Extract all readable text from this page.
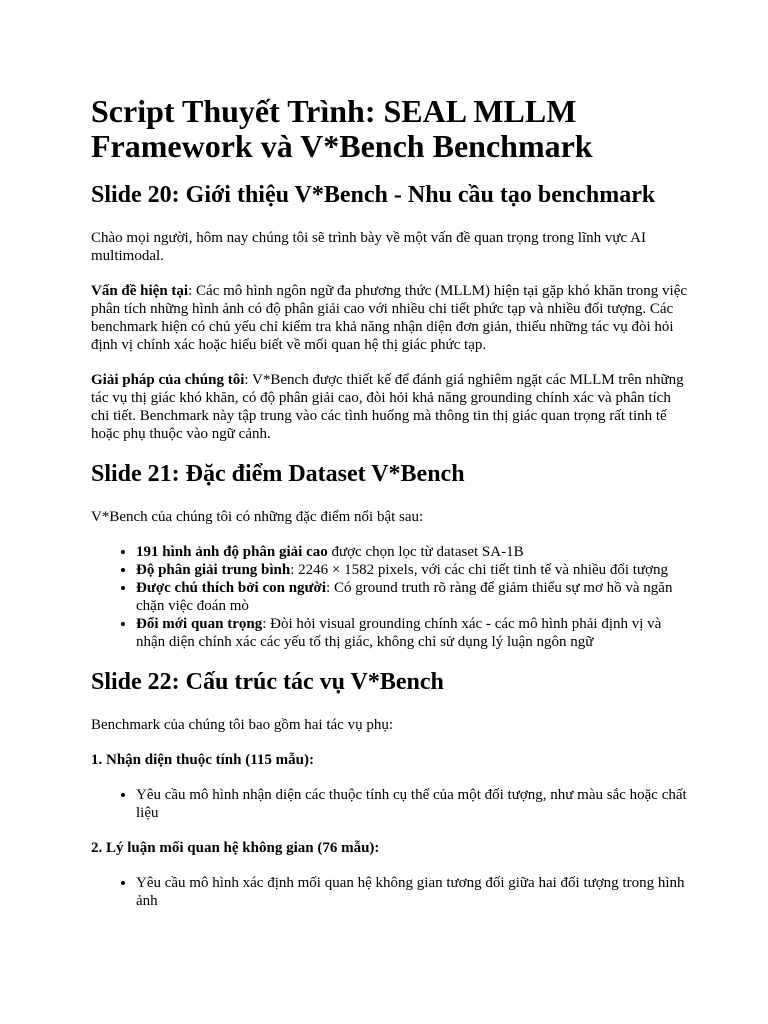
Script Thuyết Trình: SEAL MLLM Framework và V*Bench Benchmark
Slide 20: Giới thiệu V*Bench - Nhu cầu tạo benchmark

Chào mọi người, hôm nay chúng tôi sẽ trình bày về một vấn đề quan trọng trong lĩnh vực AI multimodal.

Vấn đề hiện tại: Các mô hình ngôn ngữ đa phương thức (MLLM) hiện tại gặp khó khăn trong việc phân tích những hình ảnh có độ phân giải cao với nhiều chi tiết phức tạp và nhiều đối tượng. Các benchmark hiện có chủ yếu chỉ kiểm tra khả năng nhận diện đơn giản, thiếu những tác vụ đòi hỏi định vị chính xác hoặc hiểu biết về mối quan hệ thị giác phức tạp.

Giải pháp của chúng tôi: V*Bench được thiết kế để đánh giá nghiêm ngặt các MLLM trên những tác vụ thị giác khó khăn, có độ phân giải cao, đòi hỏi khả năng grounding chính xác và phân tích chi tiết. Benchmark này tập trung vào các tình huống mà thông tin thị giác quan trọng rất tinh tế hoặc phụ thuộc vào ngữ cảnh.

Slide 21: Đặc điểm Dataset V*Bench

V*Bench của chúng tôi có những đặc điểm nổi bật sau:

• 191 hình ảnh độ phân giải cao được chọn lọc từ dataset SA-1B
• Độ phân giải trung bình: 2246 × 1582 pixels, với các chi tiết tinh tế và nhiều đối tượng
• Được chú thích bởi con người: Có ground truth rõ ràng để giảm thiểu sự mơ hồ và ngăn chặn việc đoán mò
• Đổi mới quan trọng: Đòi hỏi visual grounding chính xác - các mô hình phải định vị và nhận diện chính xác các yếu tố thị giác, không chỉ sử dụng lý luận ngôn ngữ
Slide 22: Cấu trúc tác vụ V*Bench

Benchmark của chúng tôi bao gồm hai tác vụ phụ:

1. Nhận diện thuộc tính (115 mẫu):

• Yêu cầu mô hình nhận diện các thuộc tính cụ thể của một đối tượng, như màu sắc hoặc chất liệu

2. Lý luận mối quan hệ không gian (76 mẫu):

• Yêu cầu mô hình xác định mối quan hệ không gian tương đối giữa hai đối tượng trong hình ảnh
